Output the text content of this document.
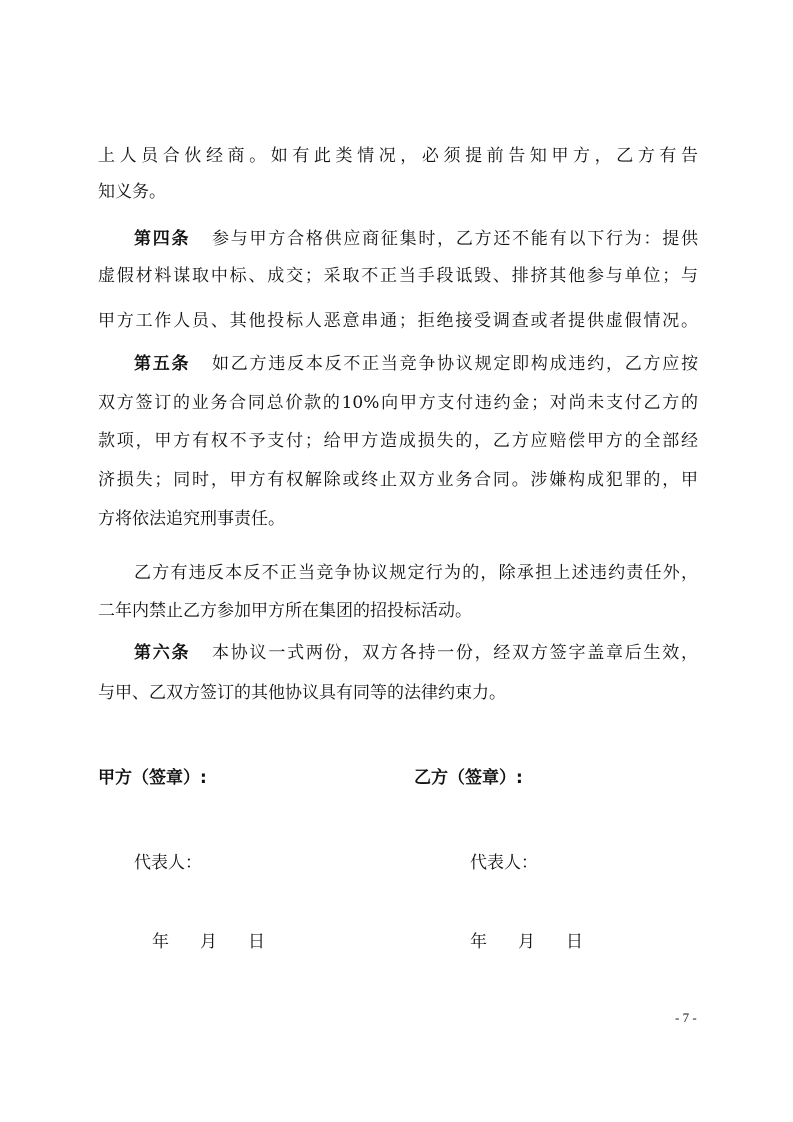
上人员合伙经商。如有此类情况，必须提前告知甲方，乙方有告
知义务。
第四条 参与甲方合格供应商征集时，乙方还不能有以下行为：提供
虚假材料谋取中标、成交；采取不正当手段诋毁、排挤其他参与单位；与
甲方工作人员、其他投标人恶意串通；拒绝接受调查或者提供虚假情况。
第五条 如乙方违反本反不正当竞争协议规定即构成违约，乙方应按
双方签订的业务合同总价款的10%向甲方支付违约金；对尚未支付乙方的
款项，甲方有权不予支付；给甲方造成损失的，乙方应赔偿甲方的全部经
济损失；同时，甲方有权解除或终止双方业务合同。涉嫌构成犯罪的，甲
方将依法追究刑事责任。
乙方有违反本反不正当竞争协议规定行为的，除承担上述违约责任外，
二年内禁止乙方参加甲方所在集团的招投标活动。
第六条 本协议一式两份，双方各持一份，经双方签字盖章后生效，
与甲、乙双方签订的其他协议具有同等的法律约束力。
甲方（签章）:
代表人：
年 月 日
乙方（签章）:
代表人：
年 月 日
- 7 -
